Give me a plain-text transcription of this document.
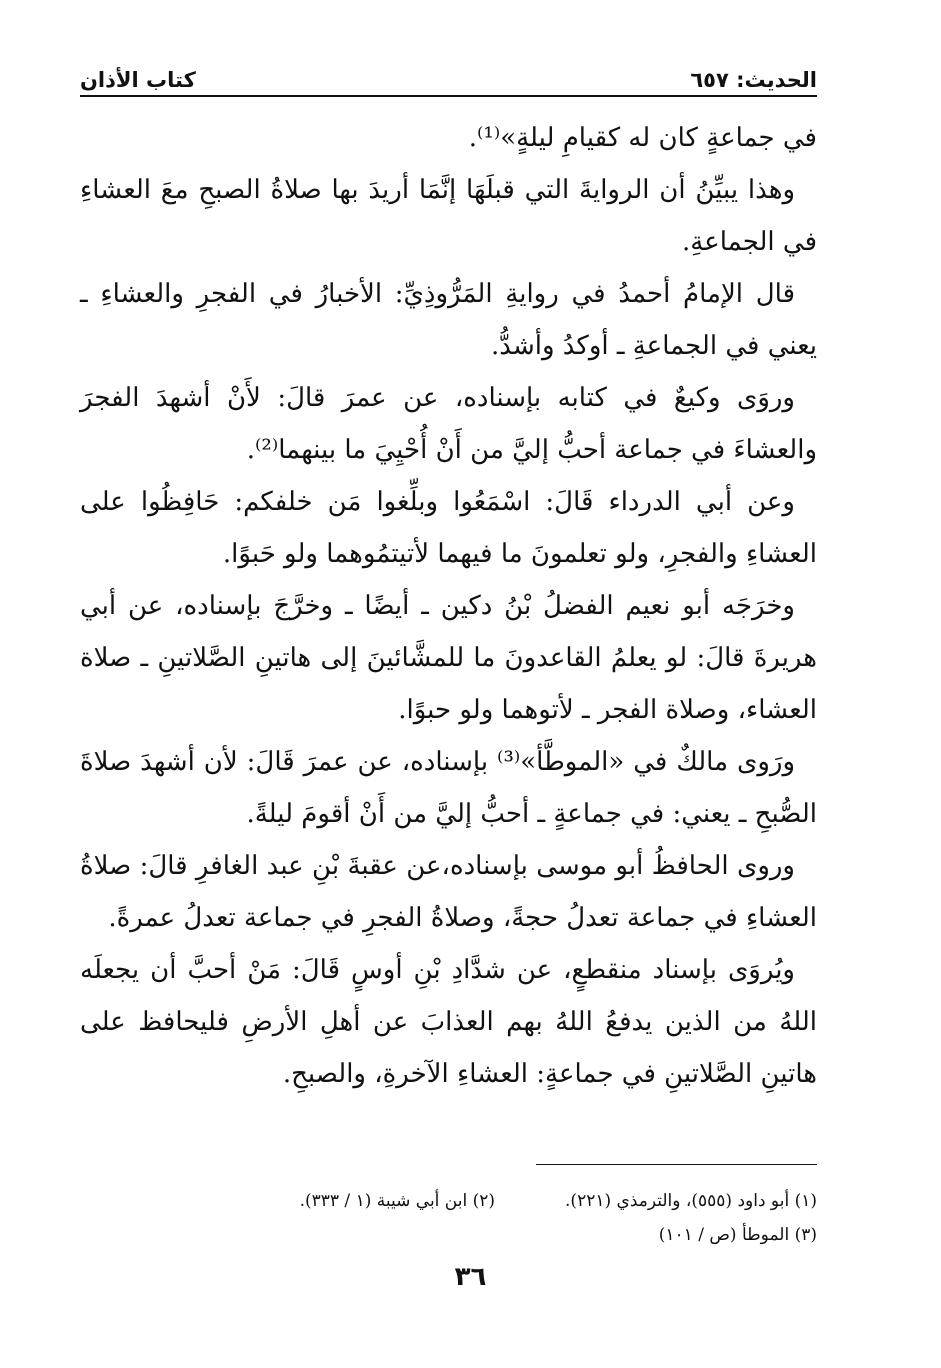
الحديث: ٦٥٧
كتاب الأذان

في جماعةٍ كان له كقيامِ ليلةٍ»⁽¹⁾.

وهذا يبيِّنُ أن الروايةَ التي قبلَهَا إنَّمَا أريدَ بها صلاةُ الصبحِ معَ العشاءِ في الجماعةِ.

قال الإمامُ أحمدُ في روايةِ المَرُّوذِيِّ: الأخبارُ في الفجرِ والعشاءِ ـ يعني في الجماعةِ ـ أوكدُ وأشدُّ.

وروَى وكيعٌ في كتابه بإسناده، عن عمرَ قالَ: لأَنْ أشهدَ الفجرَ والعشاءَ في جماعة أحبُّ إليَّ من أَنْ أُحْيِيَ ما بينهما⁽²⁾.

وعن أبي الدرداء قَالَ: اسْمَعُوا وبلِّغوا مَن خلفكم: حَافِظُوا على العشاءِ والفجرِ، ولو تعلمونَ ما فيهما لأتيتمُوهما ولو حَبوًا.

وخرَجَه أبو نعيم الفضلُ بْنُ دكين ـ أيضًا ـ وخرَّجَ بإسناده، عن أبي هريرةَ قالَ: لو يعلمُ القاعدونَ ما للمشَّائينَ إلى هاتينِ الصَّلاتينِ ـ صلاة العشاء، وصلاة الفجر ـ لأتوهما ولو حبوًا.

ورَوى مالكٌ في «الموطَّأ»⁽³⁾ بإسناده، عن عمرَ قَالَ: لأن أشهدَ صلاةَ الصُّبحِ ـ يعني: في جماعةٍ ـ أحبُّ إليَّ من أَنْ أقومَ ليلةً.

وروى الحافظُ أبو موسى بإسناده،عن عقبةَ بْنِ عبد الغافرِ قالَ: صلاةُ العشاءِ في جماعة تعدلُ حجةً، وصلاةُ الفجرِ في جماعة تعدلُ عمرةً.

ويُروَى بإسناد منقطعٍ، عن شدَّادِ بْنِ أوسٍ قَالَ: مَنْ أحبَّ أن يجعلَه اللهُ من الذين يدفعُ اللهُ بهم العذابَ عن أهلِ الأرضِ فليحافظ على هاتينِ الصَّلاتينِ في جماعةٍ: العشاءِ الآخرةِ، والصبحِ.

(١) أبو داود (٥٥٥)، والترمذي (٢٢١).
(٢) ابن أبي شيبة (١ / ٣٣٣).
(٣) الموطأ (ص / ١٠١)
٣٦
